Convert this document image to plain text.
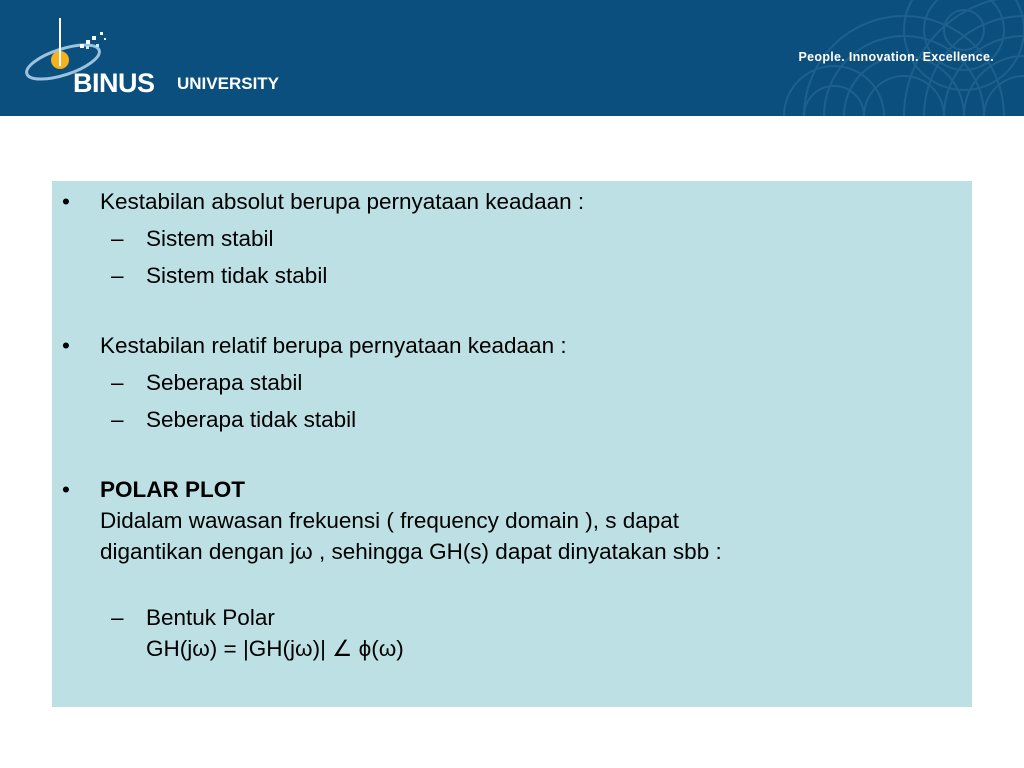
BINUS UNIVERSITY
People. Innovation. Excellence.
• Kestabilan absolut berupa pernyataan keadaan :
– Sistem stabil
– Sistem tidak stabil
• Kestabilan relatif berupa pernyataan keadaan :
– Seberapa stabil
– Seberapa tidak stabil
• POLAR PLOT
Didalam wawasan frekuensi ( frequency domain ), s dapat
digantikan dengan jω , sehingga GH(s) dapat dinyatakan sbb :
– Bentuk Polar
GH(jω) = |GH(jω)| ∠ ϕ(ω)
